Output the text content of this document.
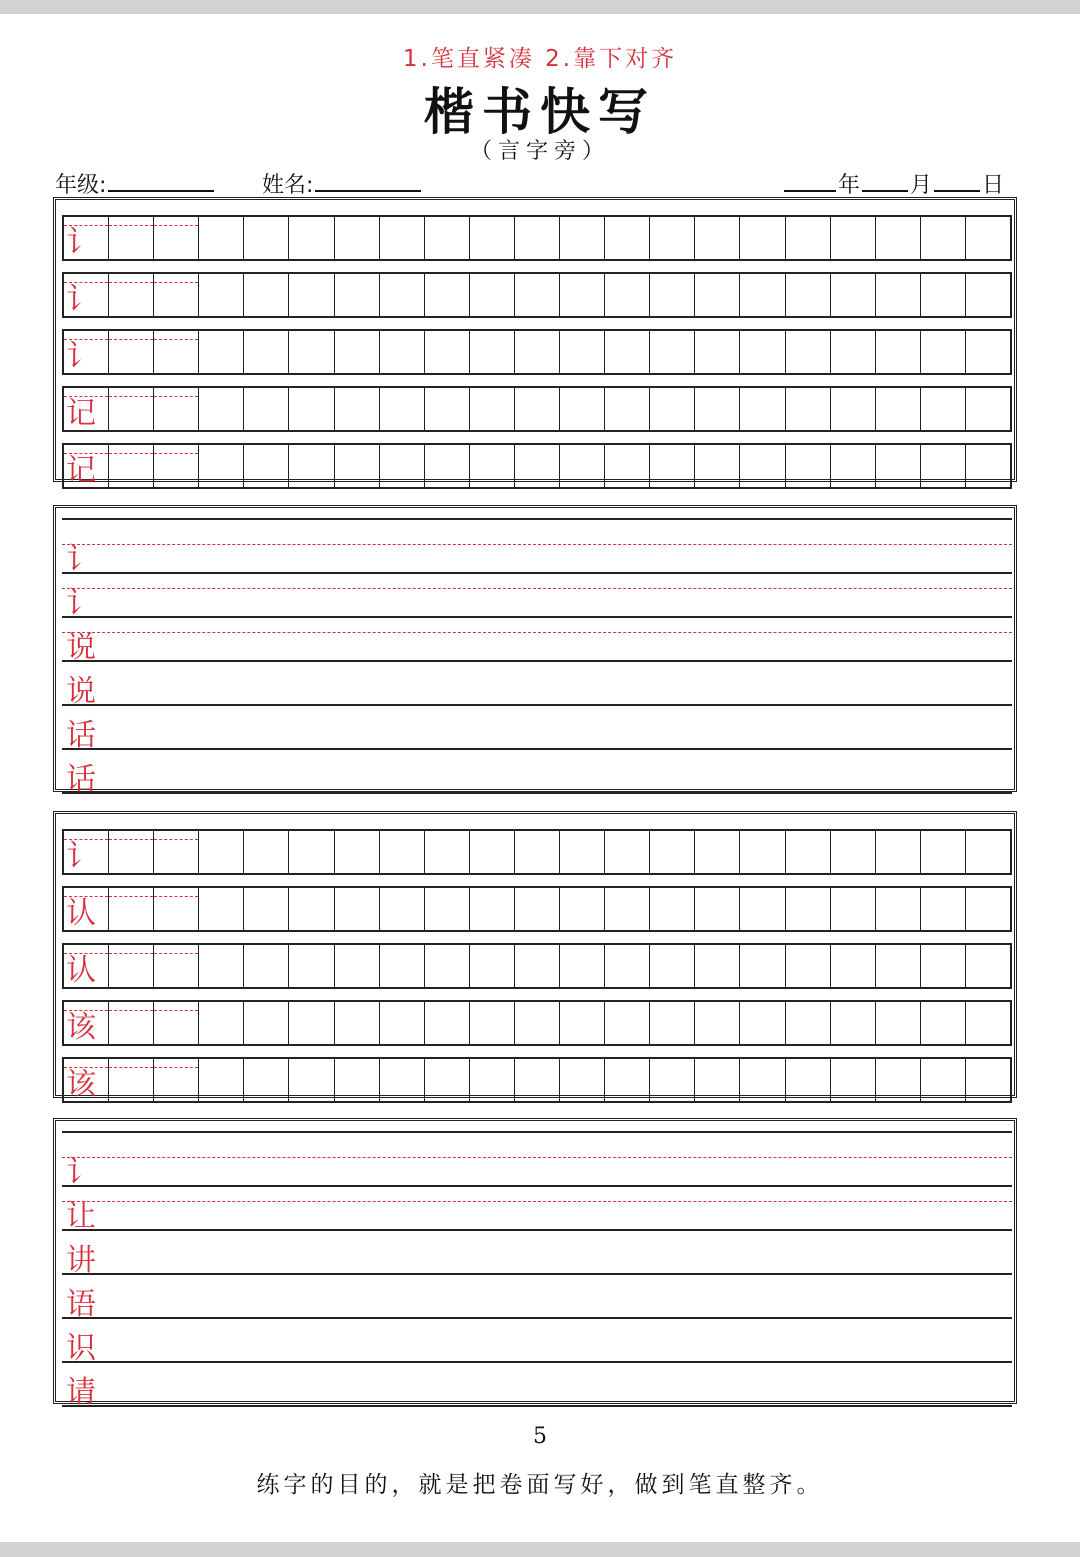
1.笔直紧凑 2.靠下对齐
楷书快写
（言字旁）
年级:	姓名:	年 月 日
讠
讠
讠
记
记
讠
讠
说
说
话
话
讠
认
认
该
该
讠
让
讲
语
识
请
5
练字的目的，就是把卷面写好，做到笔直整齐。
